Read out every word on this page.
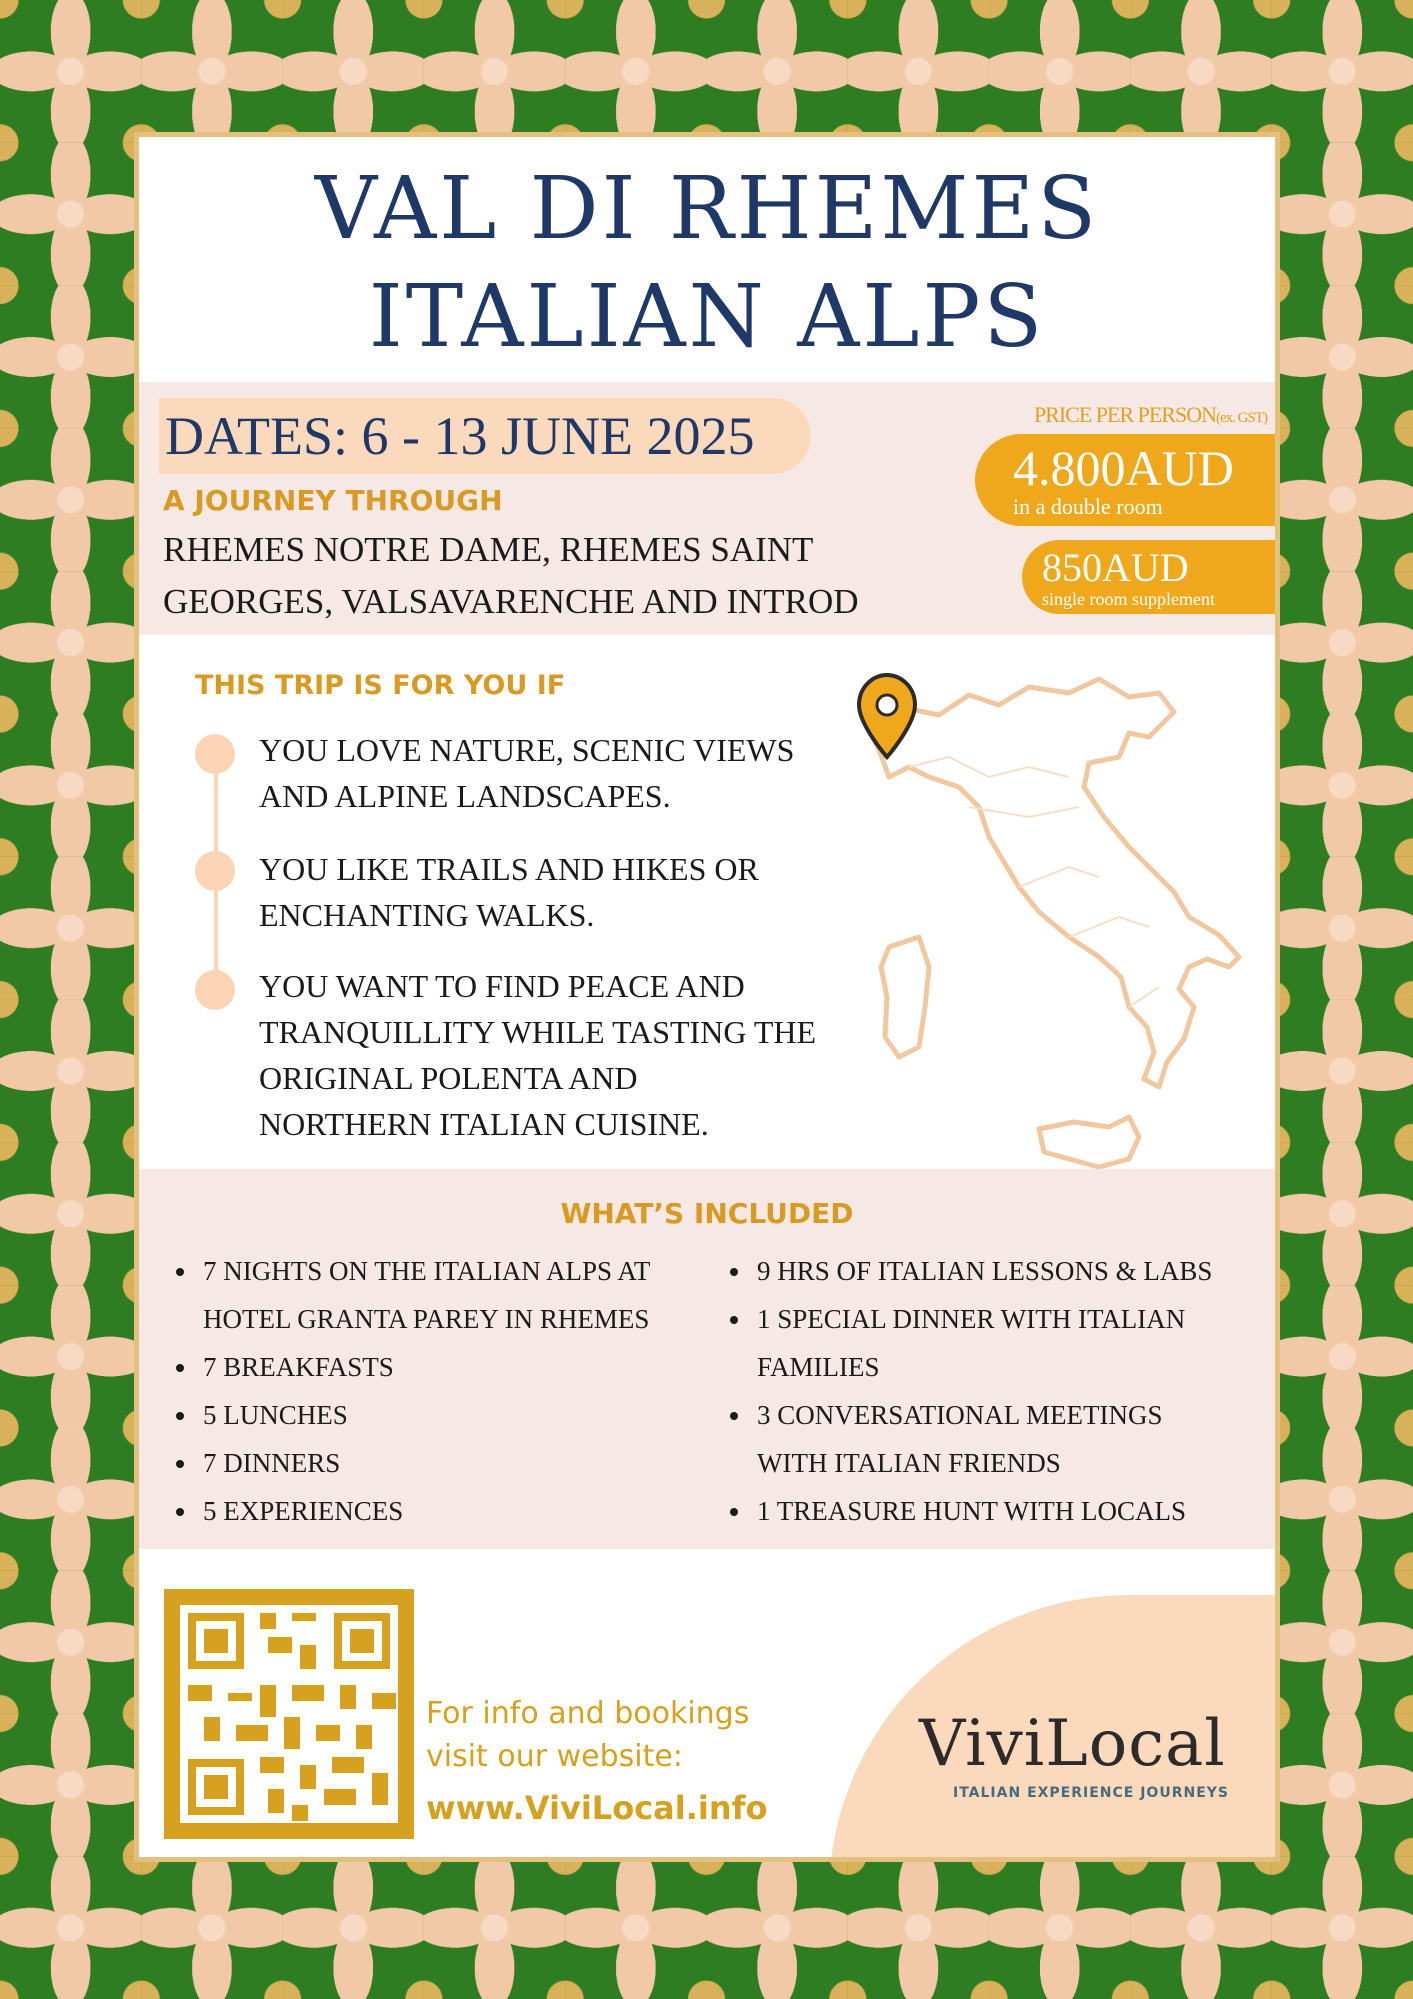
VAL DI RHEMES
ITALIAN ALPS
DATES: 6 - 13 JUNE 2025
A JOURNEY THROUGH
RHEMES NOTRE DAME, RHEMES SAINT
GEORGES, VALSAVARENCHE AND INTROD
PRICE PER PERSON(ex. GST)
4.800AUD
in a double room
850AUD
single room supplement
THIS TRIP IS FOR YOU IF
YOU LOVE NATURE, SCENIC VIEWS
AND ALPINE LANDSCAPES.
YOU LIKE TRAILS AND HIKES OR
ENCHANTING WALKS.
YOU WANT TO FIND PEACE AND
TRANQUILLITY WHILE TASTING THE
ORIGINAL POLENTA AND
NORTHERN ITALIAN CUISINE.
WHAT’S INCLUDED
• 7 NIGHTS ON THE ITALIAN ALPS AT
HOTEL GRANTA PAREY IN RHEMES
• 7 BREAKFASTS
• 5 LUNCHES
• 7 DINNERS
• 5 EXPERIENCES
• 9 HRS OF ITALIAN LESSONS & LABS
• 1 SPECIAL DINNER WITH ITALIAN
FAMILIES
• 3 CONVERSATIONAL MEETINGS
WITH ITALIAN FRIENDS
• 1 TREASURE HUNT WITH LOCALS
For info and bookings
visit our website:
www.ViviLocal.info
ViviLocal
ITALIAN EXPERIENCE JOURNEYS
